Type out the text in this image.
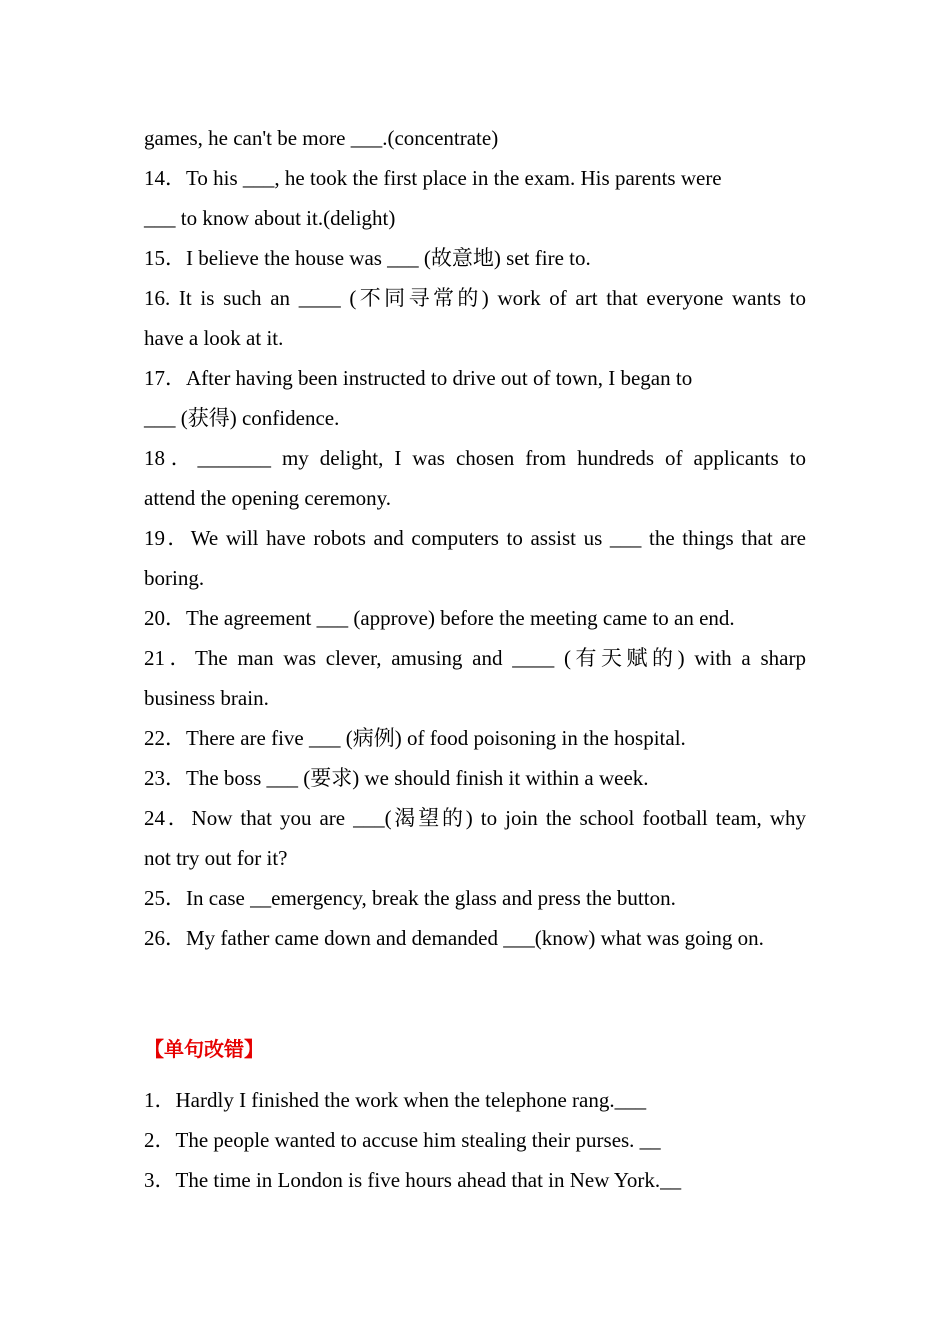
games, he can't be more ___.(concentrate)
14．To his ___, he took the first place in the exam. His parents were
___ to know about it.(delight)
15．I believe the house was ___ (故意地) set fire to.
16. It is such an ____ (不同寻常的) work of art that everyone wants to
have a look at it.
17．After having been instructed to drive out of town, I began to
___ (获得) confidence.
18．_______ my delight, I was chosen from hundreds of applicants to
attend the opening ceremony.
19．We will have robots and computers to assist us ___ the things that are
boring.
20．The agreement ___ (approve) before the meeting came to an end.
21．The man was clever, amusing and ____ (有天赋的) with a sharp
business brain.
22．There are five ___ (病例) of food poisoning in the hospital.
23．The boss ___ (要求) we should finish it within a week.
24．Now that you are ___(渴望的) to join the school football team, why
not try out for it?
25．In case __emergency, break the glass and press the button.
26．My father came down and demanded ___(know) what was going on.
【单句改错】
1．Hardly I finished the work when the telephone rang.___
2．The people wanted to accuse him stealing their purses. __
3．The time in London is five hours ahead that in New York.__
